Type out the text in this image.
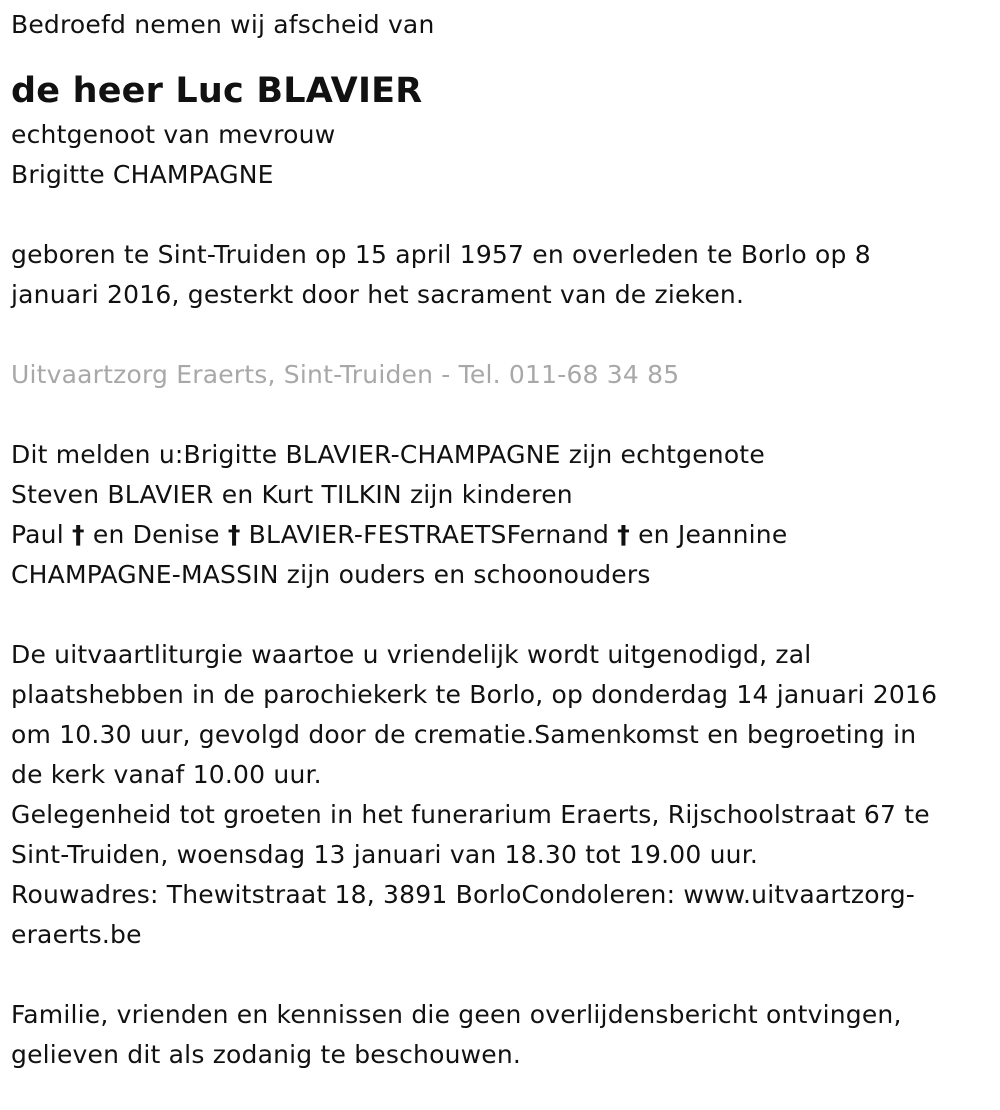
Bedroefd nemen wij afscheid van
de heer Luc BLAVIER
echtgenoot van mevrouw
Brigitte CHAMPAGNE
geboren te Sint-Truiden op 15 april 1957 en overleden te Borlo op 8
januari 2016, gesterkt door het sacrament van de zieken.
Uitvaartzorg Eraerts, Sint-Truiden - Tel. 011-68 34 85
Dit melden u:Brigitte BLAVIER-CHAMPAGNE zijn echtgenote
Steven BLAVIER en Kurt TILKIN zijn kinderen
Paul † en Denise † BLAVIER-FESTRAETSFernand † en Jeannine
CHAMPAGNE-MASSIN zijn ouders en schoonouders
De uitvaartliturgie waartoe u vriendelijk wordt uitgenodigd, zal
plaatshebben in de parochiekerk te Borlo, op donderdag 14 januari 2016
om 10.30 uur, gevolgd door de crematie.Samenkomst en begroeting in
de kerk vanaf 10.00 uur.
Gelegenheid tot groeten in het funerarium Eraerts, Rijschoolstraat 67 te
Sint-Truiden, woensdag 13 januari van 18.30 tot 19.00 uur.
Rouwadres: Thewitstraat 18, 3891 BorloCondoleren: www.uitvaartzorg-
eraerts.be
Familie, vrienden en kennissen die geen overlijdensbericht ontvingen,
gelieven dit als zodanig te beschouwen.
